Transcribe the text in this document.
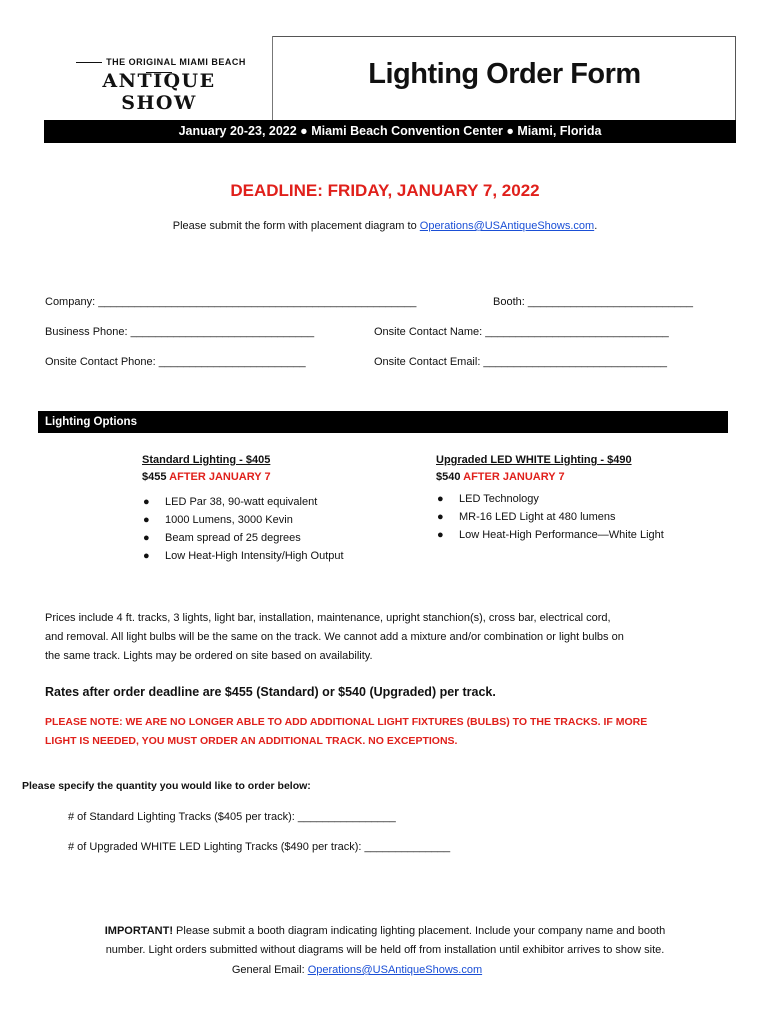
THE ORIGINAL MIAMI BEACH
ANTIQUE SHOW
Lighting Order Form
January 20-23, 2022 ● Miami Beach Convention Center ● Miami, Florida
DEADLINE: FRIDAY, JANUARY 7, 2022
Please submit the form with placement diagram to Operations@USAntiqueShows.com.
Company: ____________________________________________________	Booth: ___________________________
Business Phone: ______________________________	Onsite Contact Name: ______________________________
Onsite Contact Phone: ________________________	Onsite Contact Email: ______________________________
Lighting Options
Standard Lighting - $405
$455 AFTER JANUARY 7
● LED Par 38, 90-watt equivalent
● 1000 Lumens, 3000 Kevin
● Beam spread of 25 degrees
● Low Heat-High Intensity/High Output
Upgraded LED WHITE Lighting - $490
$540 AFTER JANUARY 7
● LED Technology
● MR-16 LED Light at 480 lumens
● Low Heat-High Performance—White Light
Prices include 4 ft. tracks, 3 lights, light bar, installation, maintenance, upright stanchion(s), cross bar, electrical cord,
and removal. All light bulbs will be the same on the track. We cannot add a mixture and/or combination or light bulbs on
the same track. Lights may be ordered on site based on availability.
Rates after order deadline are $455 (Standard) or $540 (Upgraded) per track.
PLEASE NOTE: WE ARE NO LONGER ABLE TO ADD ADDITIONAL LIGHT FIXTURES (BULBS) TO THE TRACKS. IF MORE
LIGHT IS NEEDED, YOU MUST ORDER AN ADDITIONAL TRACK. NO EXCEPTIONS.
Please specify the quantity you would like to order below:
# of Standard Lighting Tracks ($405 per track): ________________
# of Upgraded WHITE LED Lighting Tracks ($490 per track): ______________
IMPORTANT! Please submit a booth diagram indicating lighting placement. Include your company name and booth
number. Light orders submitted without diagrams will be held off from installation until exhibitor arrives to show site.
General Email: Operations@USAntiqueShows.com
